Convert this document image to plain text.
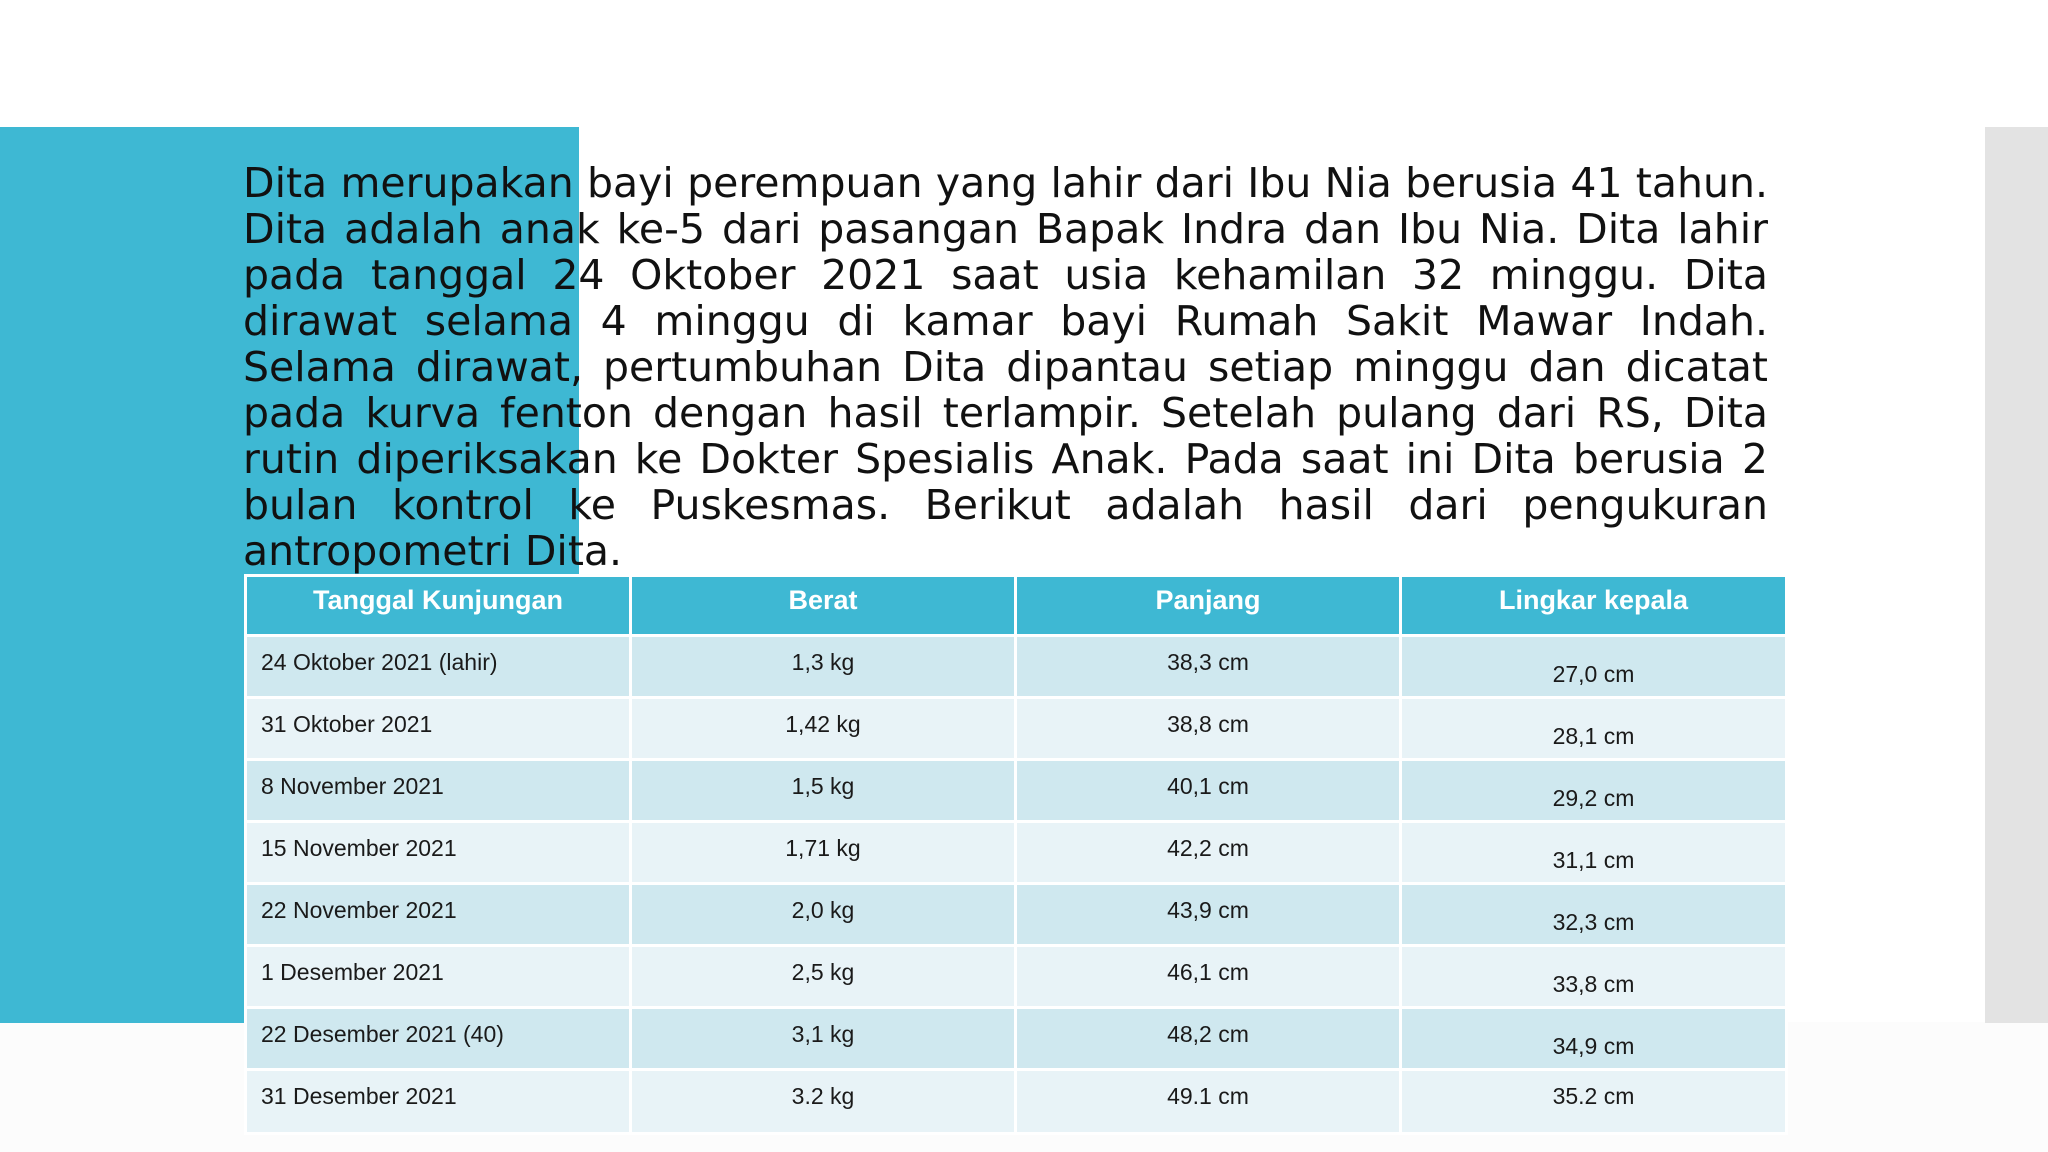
Dita merupakan bayi perempuan yang lahir dari Ibu Nia berusia 41 tahun. Dita adalah anak ke-5 dari pasangan Bapak Indra dan Ibu Nia. Dita lahir pada tanggal 24 Oktober 2021 saat usia kehamilan 32 minggu. Dita dirawat selama 4 minggu di kamar bayi Rumah Sakit Mawar Indah. Selama dirawat, pertumbuhan Dita dipantau setiap minggu dan dicatat pada kurva fenton dengan hasil terlampir. Setelah pulang dari RS, Dita rutin diperiksakan ke Dokter Spesialis Anak. Pada saat ini Dita berusia 2 bulan kontrol ke Puskesmas. Berikut adalah hasil dari pengukuran antropometri Dita.

Tanggal Kunjungan	Berat	Panjang	Lingkar kepala
24 Oktober 2021 (lahir)	1,3 kg	38,3 cm	27,0 cm
31 Oktober 2021	1,42 kg	38,8 cm	28,1 cm
8 November 2021	1,5 kg	40,1 cm	29,2 cm
15 November 2021	1,71 kg	42,2 cm	31,1 cm
22 November 2021	2,0 kg	43,9 cm	32,3 cm
1 Desember 2021	2,5 kg	46,1 cm	33,8 cm
22 Desember 2021 (40)	3,1 kg	48,2 cm	34,9 cm
31 Desember 2021	3.2 kg	49.1 cm	35.2 cm
